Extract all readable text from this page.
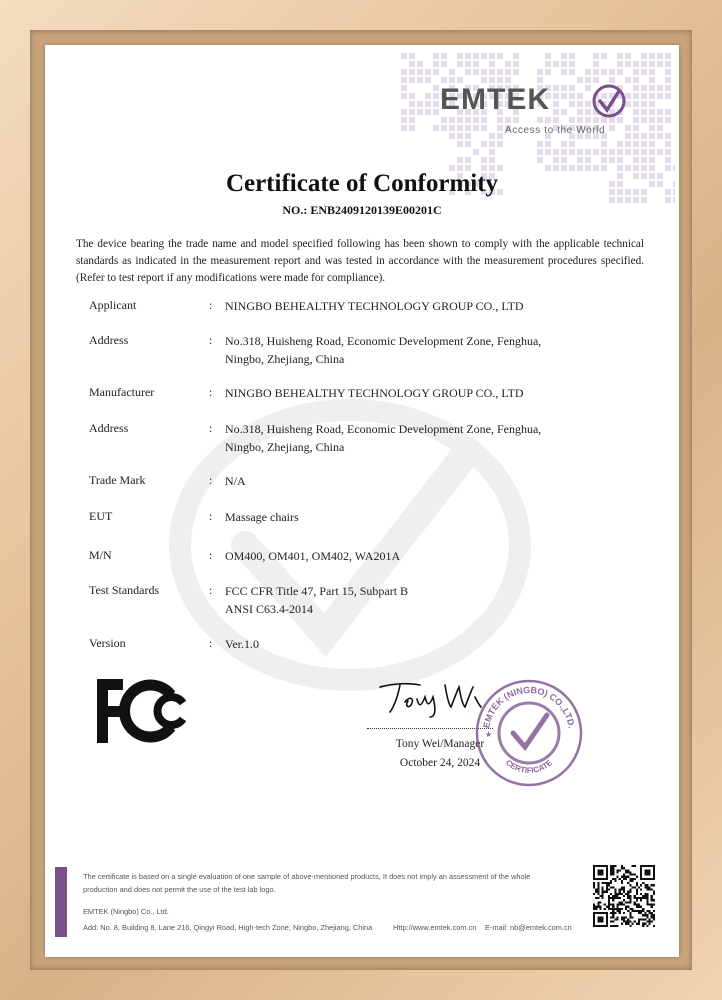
EMTEK
Access to the World
Certificate of Conformity
NO.: ENB2409120139E00201C
The device bearing the trade name and model specified following has been shown to comply with the applicable technical standards as indicated in the measurement report and was tested in accordance with the measurement procedures specified. (Refer to test report if any modifications were made for compliance).
Applicant	: NINGBO BEHEALTHY TECHNOLOGY GROUP CO., LTD
Address	: No.318, Huisheng Road, Economic Development Zone, Fenghua, Ningbo, Zhejiang, China
Manufacturer	: NINGBO BEHEALTHY TECHNOLOGY GROUP CO., LTD
Address	: No.318, Huisheng Road, Economic Development Zone, Fenghua, Ningbo, Zhejiang, China
Trade Mark	: N/A
EUT	: Massage chairs
M/N	: OM400, OM401, OM402, WA201A
Test Standards	: FCC CFR Title 47, Part 15, Subpart B
ANSI C63.4-2014
Version	: Ver.1.0
Tony Wei/Manager
October 24, 2024
EMTEK (NINGBO) CO.,LTD.
CERTIFICATE
★
The certificate is based on a single evaluation of one sample of above-mentioned products, It does not imply an assessment of the whole
production and does not permit the use of the test lab logo.
EMTEK (Ningbo) Co., Ltd.
Add: No. 8, Building 8, Lane 216, Qingyi Road, High-tech Zone, Ningbo, Zhejiang, China	Http://www.emtek.com.cn E-mail: nb@emtek.com.cn
